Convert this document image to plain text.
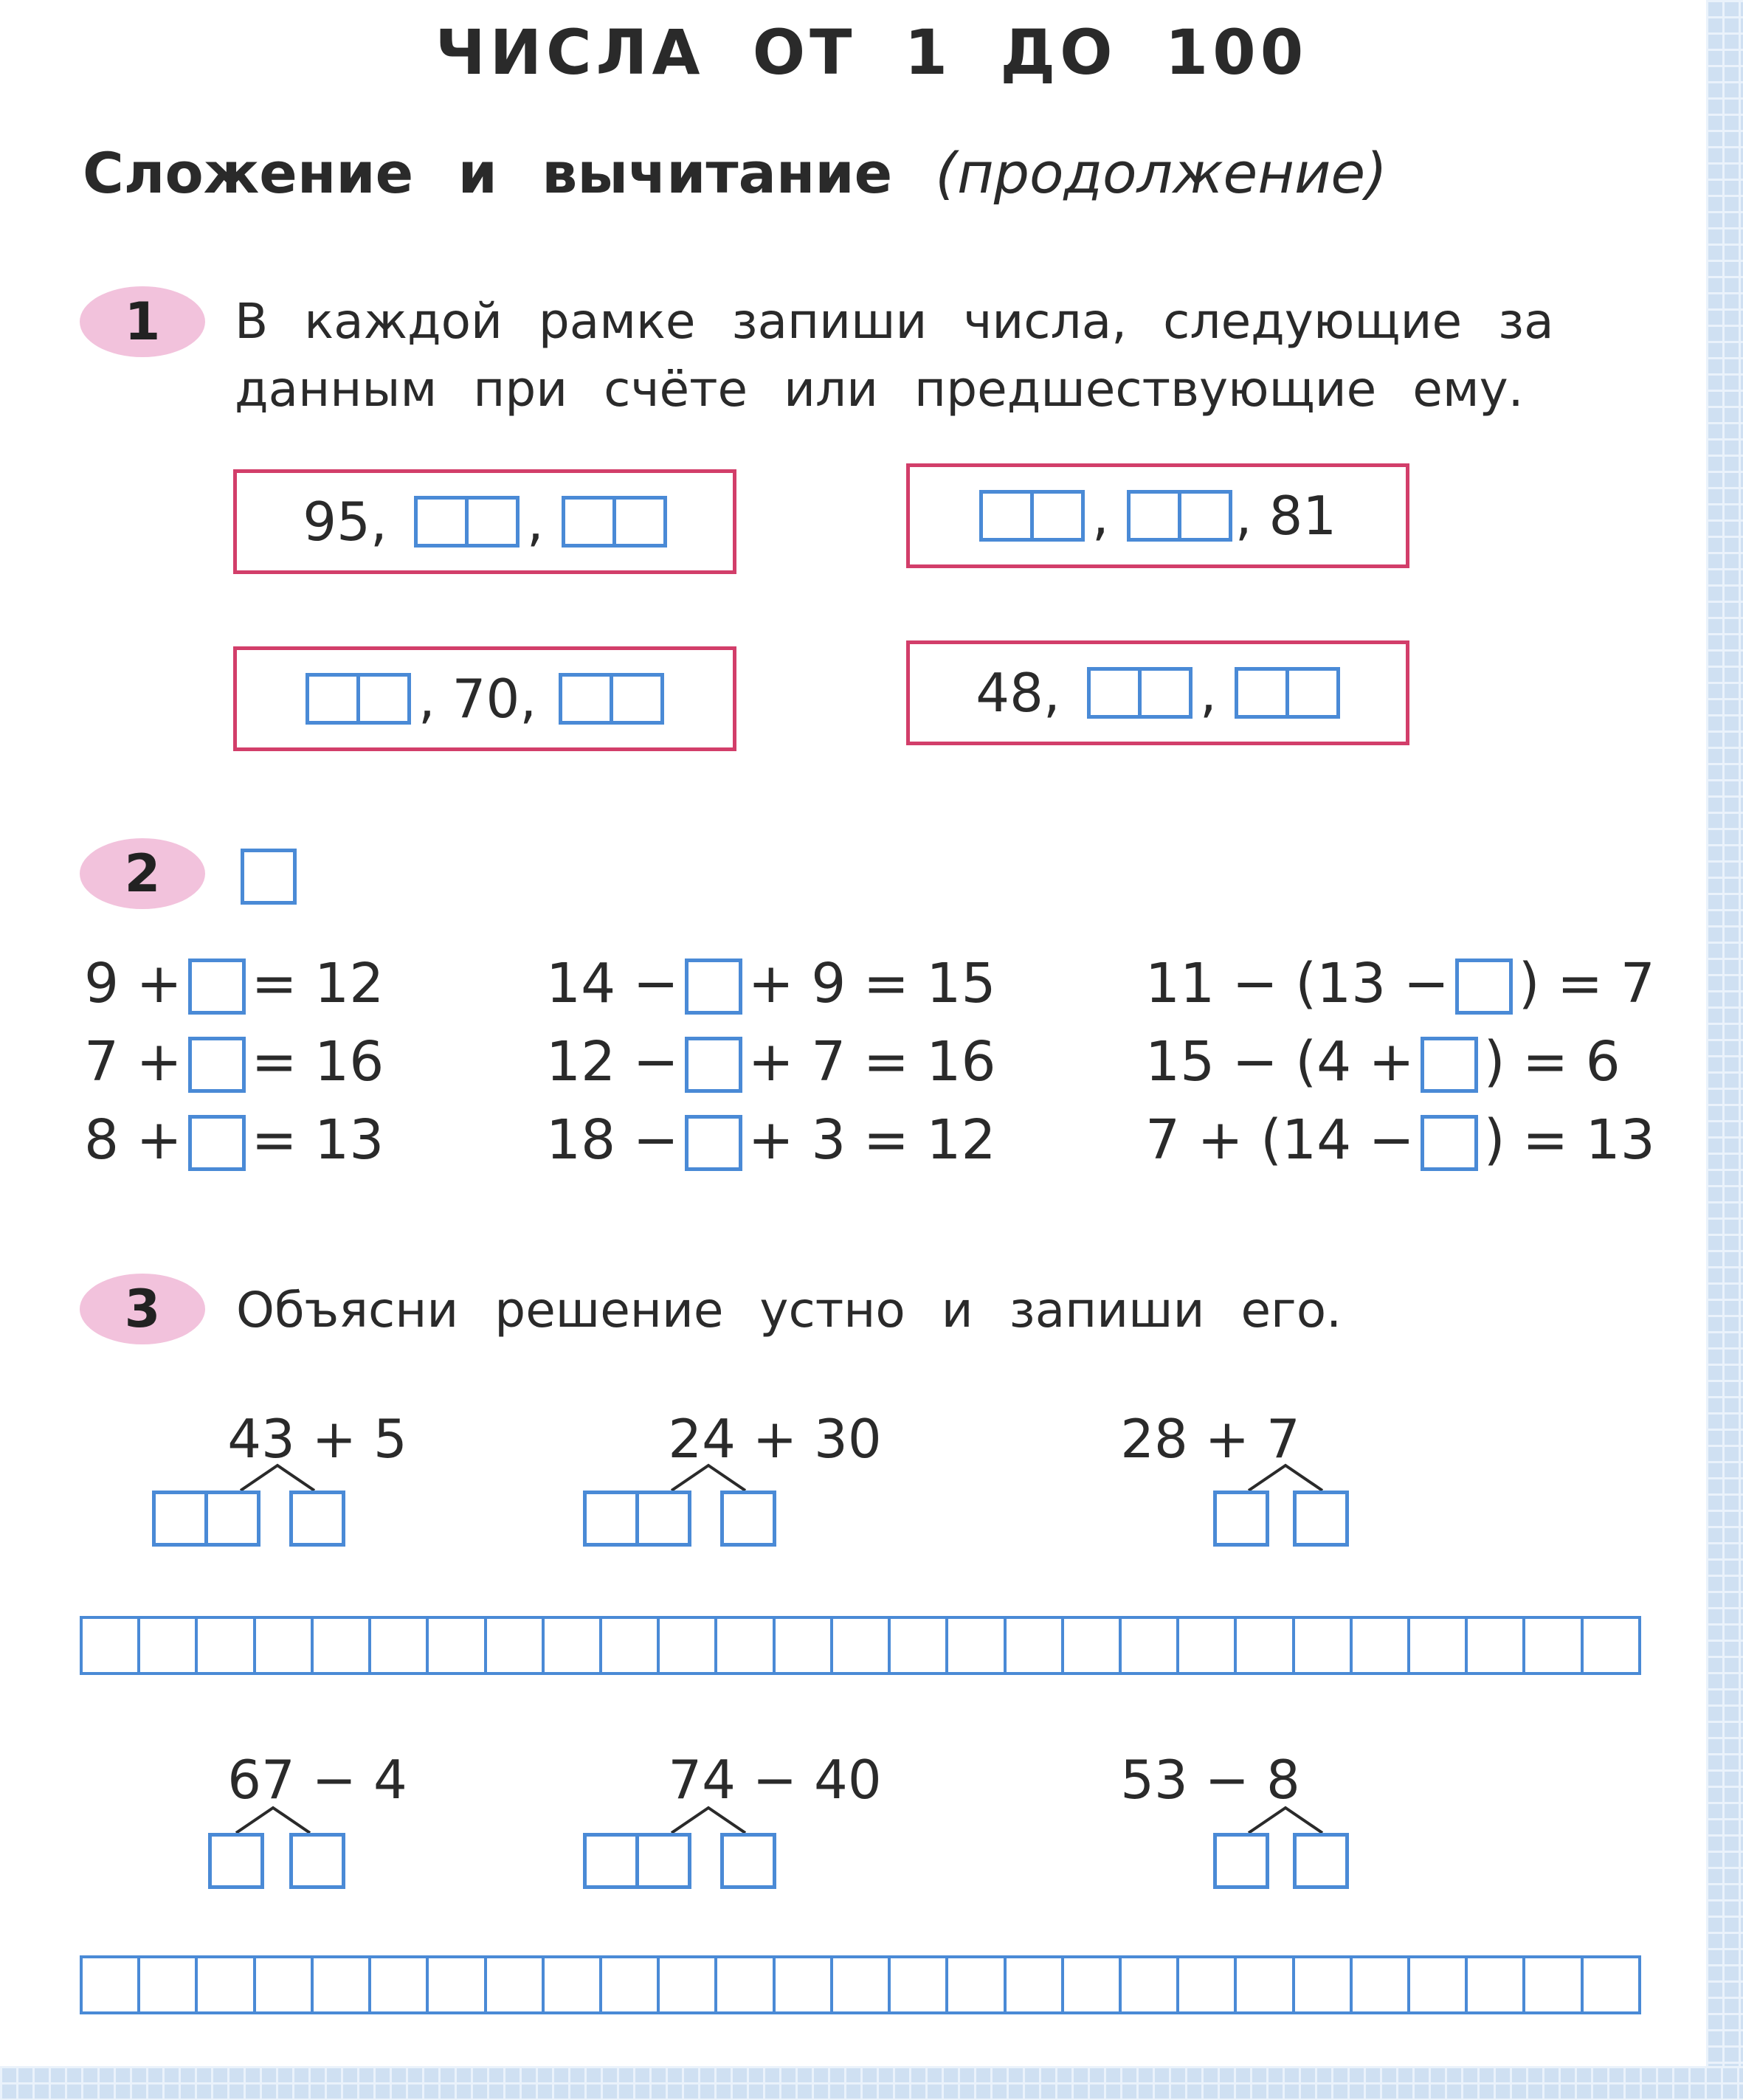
ЧИСЛА ОТ 1 ДО 100
Сложение и вычитание (продолжение)
1	В каждой рамке запиши числа, следующие за
данным при счёте или предшествующие ему.
95,	,	, , 81
, 70,	48,	,
2
9 + = 12
7 + = 16
8 + = 13
14 − + 9 = 15
12 − + 7 = 16
18 − + 3 = 12
11 − (13 − ) = 7
15 − (4 + ) = 6
7 + (14 − ) = 13
3	Объясни решение устно и запиши его.
43 + 5	24 + 30	28 + 7
67 − 4	74 − 40	53 − 8
